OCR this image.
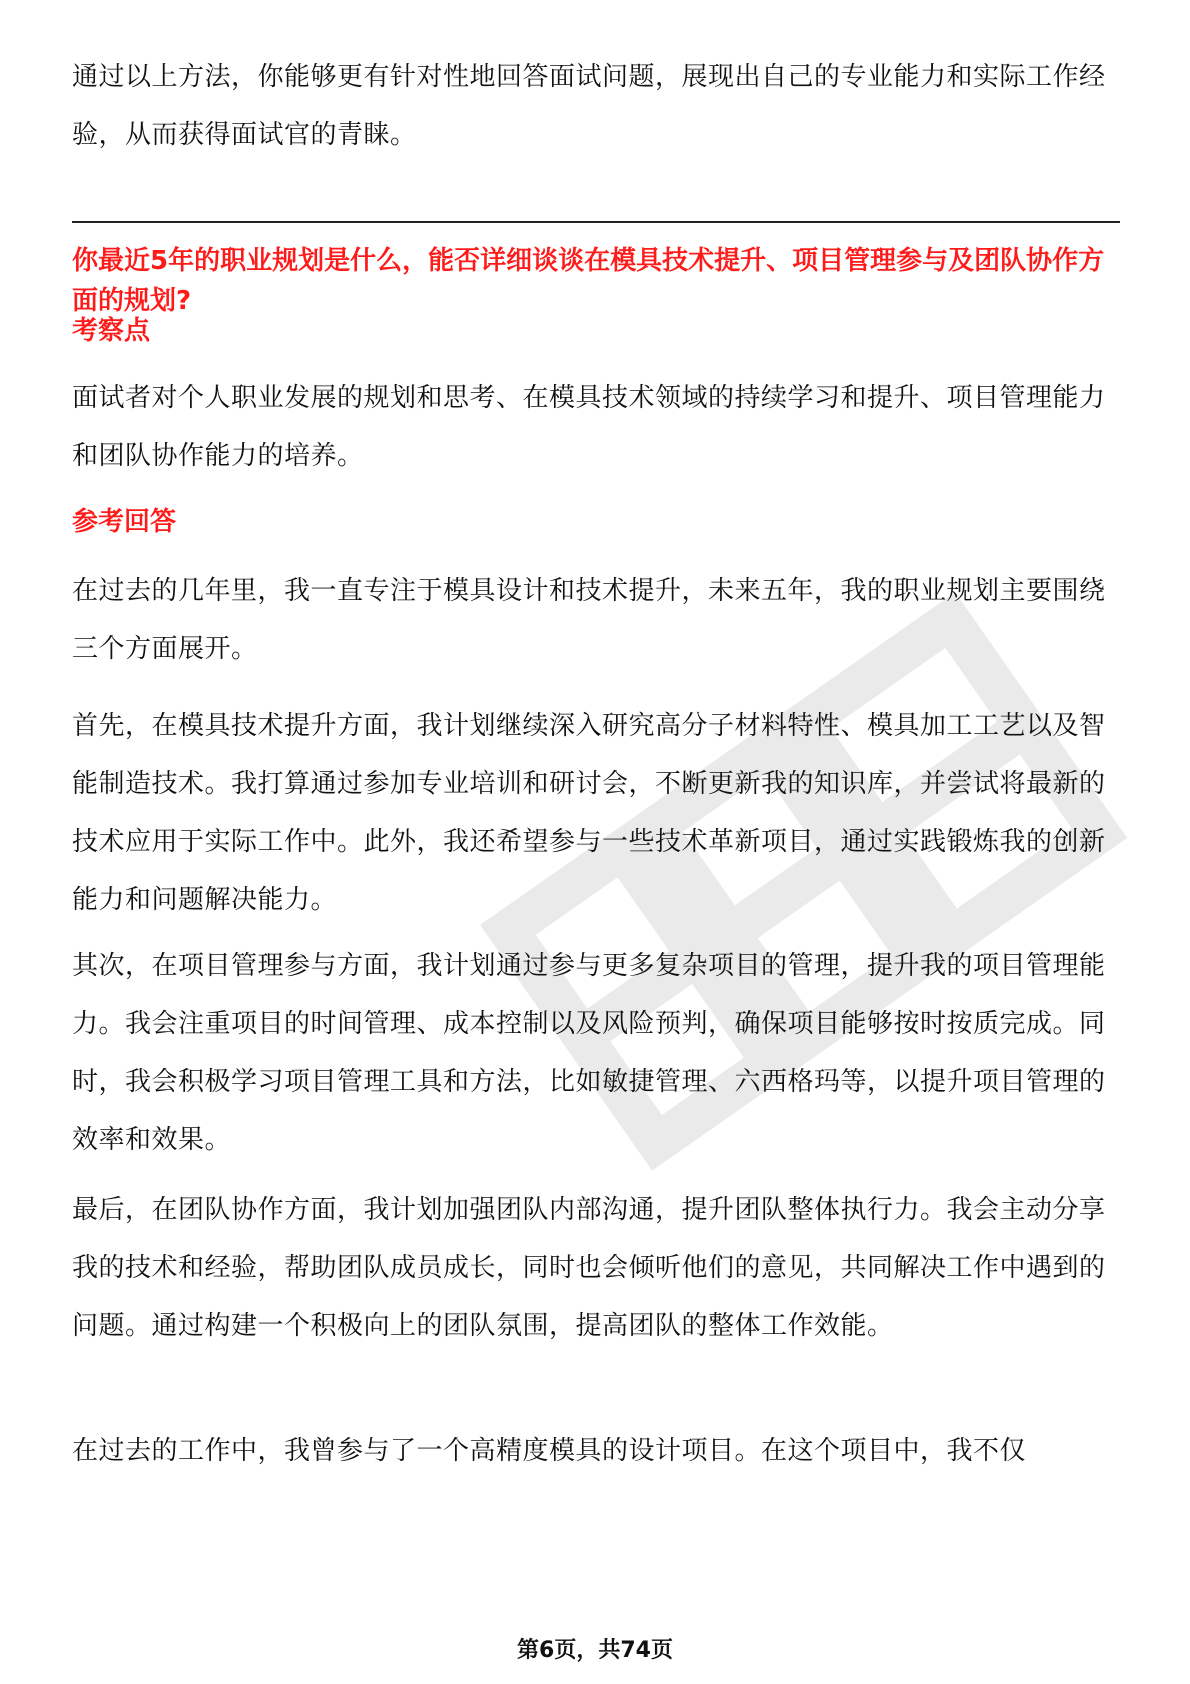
通过以上方法，你能够更有针对性地回答面试问题，展现出自己的专业能力和实际工作经验，从而获得面试官的青睐。

你最近5年的职业规划是什么，能否详细谈谈在模具技术提升、项目管理参与及团队协作方面的规划?

考察点

面试者对个人职业发展的规划和思考、在模具技术领域的持续学习和提升、项目管理能力和团队协作能力的培养。

参考回答

在过去的几年里，我一直专注于模具设计和技术提升，未来五年，我的职业规划主要围绕三个方面展开。

首先，在模具技术提升方面，我计划继续深入研究高分子材料特性、模具加工工艺以及智能制造技术。我打算通过参加专业培训和研讨会，不断更新我的知识库，并尝试将最新的技术应用于实际工作中。此外，我还希望参与一些技术革新项目，通过实践锻炼我的创新能力和问题解决能力。

其次，在项目管理参与方面，我计划通过参与更多复杂项目的管理，提升我的项目管理能力。我会注重项目的时间管理、成本控制以及风险预判，确保项目能够按时按质完成。同时，我会积极学习项目管理工具和方法，比如敏捷管理、六西格玛等，以提升项目管理的效率和效果。

最后，在团队协作方面，我计划加强团队内部沟通，提升团队整体执行力。我会主动分享我的技术和经验，帮助团队成员成长，同时也会倾听他们的意见，共同解决工作中遇到的问题。通过构建一个积极向上的团队氛围，提高团队的整体工作效能。

在过去的工作中，我曾参与了一个高精度模具的设计项目。在这个项目中，我不仅

第6页，共74页
